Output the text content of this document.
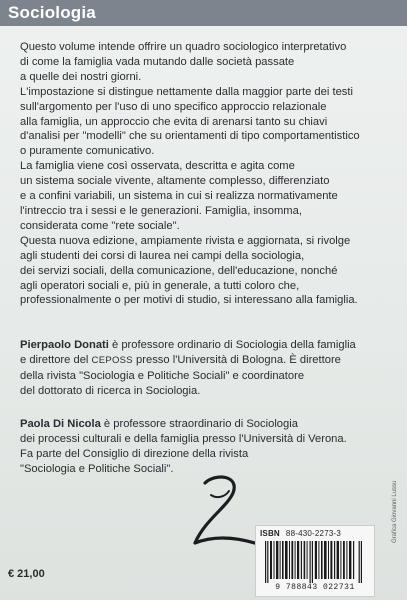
Sociologia

Questo volume intende offrire un quadro sociologico interpretativo

di come la famiglia vada mutando dalle società passate

a quelle dei nostri giorni.

L'impostazione si distingue nettamente dalla maggior parte dei testi

sull'argomento per l'uso di uno specifico approccio relazionale

alla famiglia, un approccio che evita di arenarsi tanto su chiavi

d'analisi per "modelli" che su orientamenti di tipo comportamentistico

o puramente comunicativo.

La famiglia viene così osservata, descritta e agita come

un sistema sociale vivente, altamente complesso, differenziato

e a confini variabili, un sistema in cui si realizza normativamente

l'intreccio tra i sessi e le generazioni. Famiglia, insomma,

considerata come "rete sociale".

Questa nuova edizione, ampiamente rivista e aggiornata, si rivolge

agli studenti dei corsi di laurea nei campi della sociologia,

dei servizi sociali, della comunicazione, dell'educazione, nonché

agli operatori sociali e, più in generale, a tutti coloro che,

professionalmente o per motivi di studio, si interessano alla famiglia.

Pierpaolo Donati è professore ordinario di Sociologia della famiglia

e direttore del CEPOSS presso l'Università di Bologna. È direttore

della rivista "Sociologia e Politiche Sociali" e coordinatore

del dottorato di ricerca in Sociologia.

Paola Di Nicola è professore straordinario di Sociologia

dei processi culturali e della famiglia presso l'Università di Verona.

Fa parte del Consiglio di direzione della rivista

"Sociologia e Politiche Sociali".

ISBN 88-430-2273-3
9 788843 022731
€ 21,00
Grafica Giovanni Lussu
